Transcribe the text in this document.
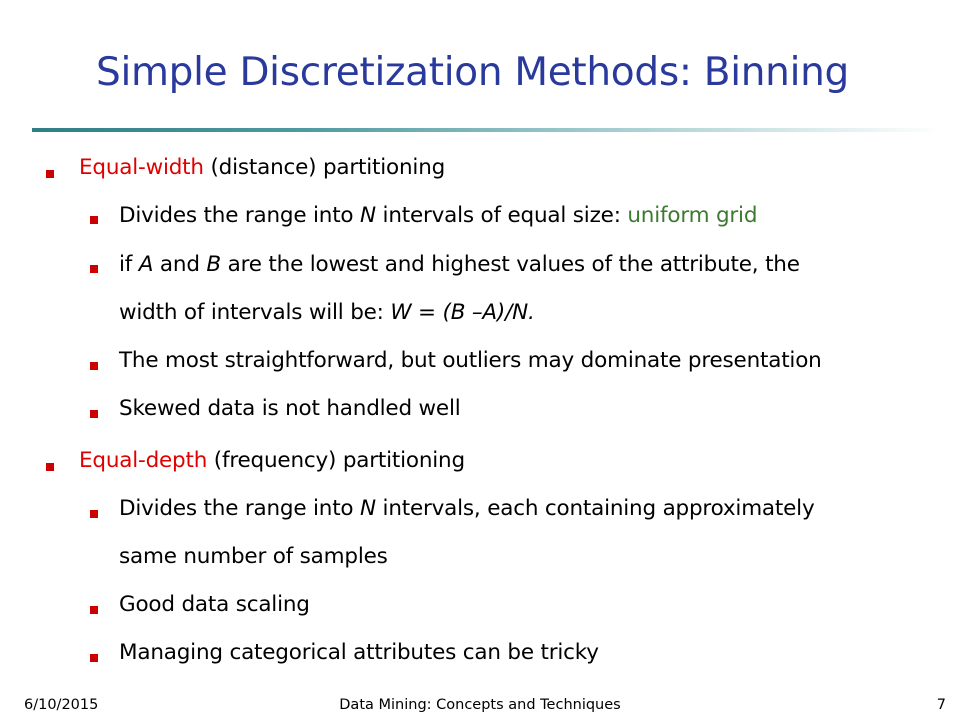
Simple Discretization Methods: Binning
Equal-width (distance) partitioning
Divides the range into N intervals of equal size: uniform grid
if A and B are the lowest and highest values of the attribute, the
width of intervals will be: W = (B –A)/N.
The most straightforward, but outliers may dominate presentation
Skewed data is not handled well
Equal-depth (frequency) partitioning
Divides the range into N intervals, each containing approximately
same number of samples
Good data scaling
Managing categorical attributes can be tricky
6/10/2015	Data Mining: Concepts and Techniques	7
